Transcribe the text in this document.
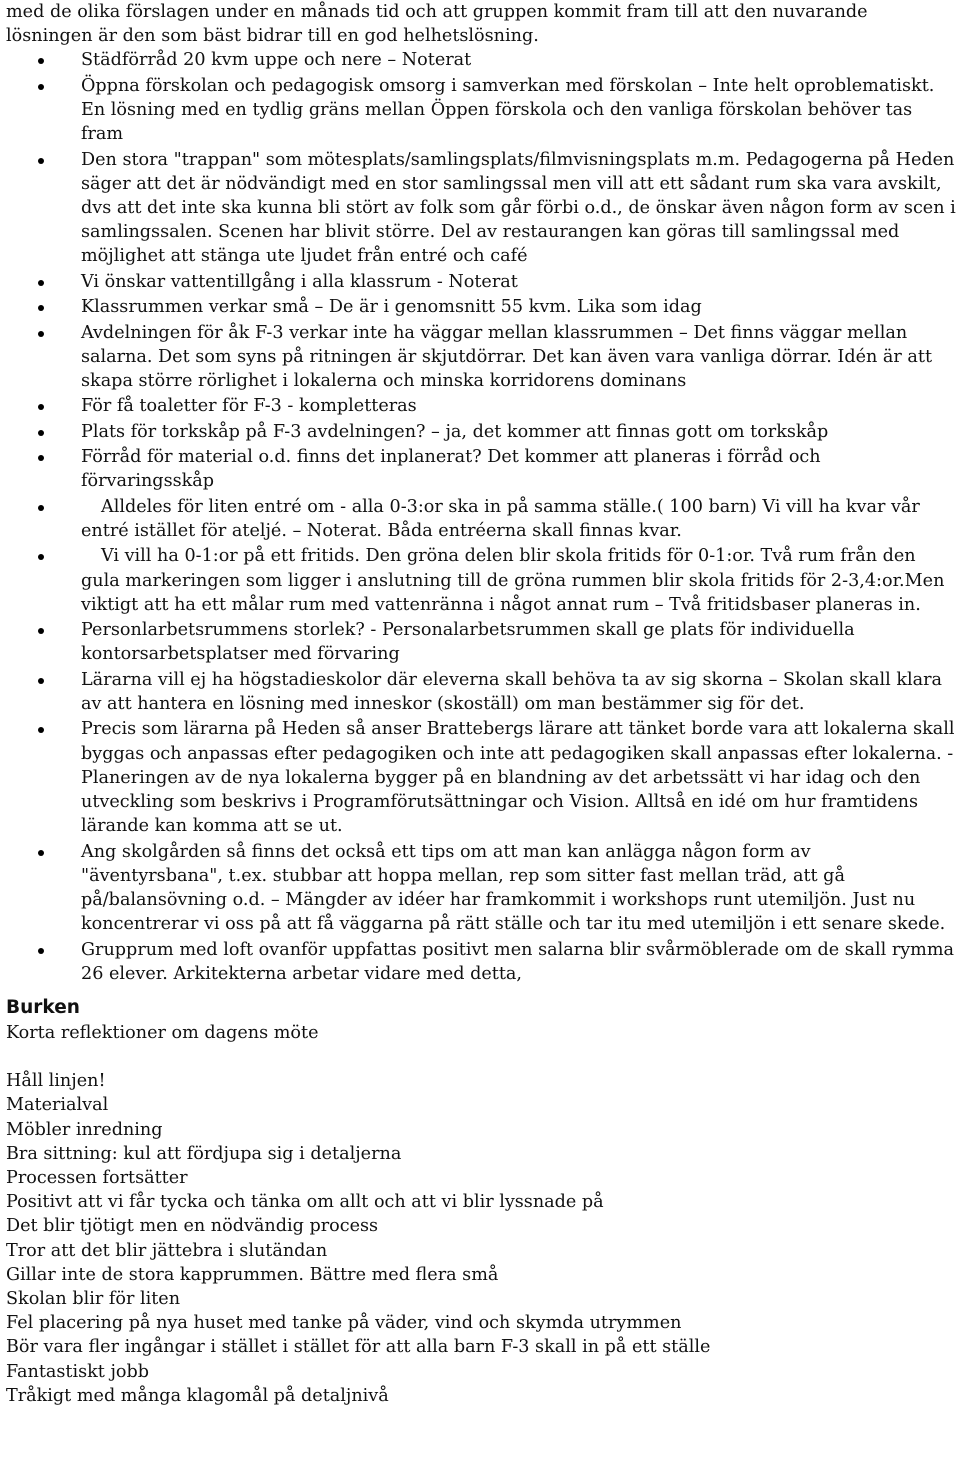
med de olika förslagen under en månads tid och att gruppen kommit fram till att den nuvarande lösningen är den som bäst bidrar till en god helhetslösning.

Städförråd 20 kvm uppe och nere – Noterat
Öppna förskolan och pedagogisk omsorg i samverkan med förskolan – Inte helt oproblematiskt. En lösning med en tydlig gräns mellan Öppen förskola och den vanliga förskolan behöver tas fram
Den stora "trappan" som mötesplats/samlingsplats/filmvisningsplats m.m. Pedagogerna på Heden säger att det är nödvändigt med en stor samlingssal men vill att ett sådant rum ska vara avskilt, dvs att det inte ska kunna bli stört av folk som går förbi o.d., de önskar även någon form av scen i samlingssalen. Scenen har blivit större. Del av restaurangen kan göras till samlingssal med möjlighet att stänga ute ljudet från entré och café
Vi önskar vattentillgång i alla klassrum - Noterat
Klassrummen verkar små – De är i genomsnitt 55 kvm. Lika som idag
Avdelningen för åk F-3 verkar inte ha väggar mellan klassrummen – Det finns väggar mellan salarna. Det som syns på ritningen är skjutdörrar. Det kan även vara vanliga dörrar. Idén är att skapa större rörlighet i lokalerna och minska korridorens dominans
För få toaletter för F-3 - kompletteras
Plats för torkskåp på F-3 avdelningen? – ja, det kommer att finnas gott om torkskåp
Förråd för material o.d. finns det inplanerat? Det kommer att planeras i förråd och förvaringsskåp
Alldeles för liten entré om - alla 0-3:or ska in på samma ställe.( 100 barn) Vi vill ha kvar vår entré istället för ateljé. – Noterat. Båda entréerna skall finnas kvar.
Vi vill ha 0-1:or på ett fritids. Den gröna delen blir skola fritids för 0-1:or. Två rum från den gula markeringen som ligger i anslutning till de gröna rummen blir skola fritids för 2-3,4:or.Men viktigt att ha ett målar rum med vattenränna i något annat rum – Två fritidsbaser planeras in.
Personlarbetsrummens storlek? - Personalarbetsrummen skall ge plats för individuella kontorsarbetsplatser med förvaring
Lärarna vill ej ha högstadieskolor där eleverna skall behöva ta av sig skorna – Skolan skall klara av att hantera en lösning med inneskor (skoställ) om man bestämmer sig för det.
Precis som lärarna på Heden så anser Brattebergs lärare att tänket borde vara att lokalerna skall byggas och anpassas efter pedagogiken och inte att pedagogiken skall anpassas efter lokalerna. - Planeringen av de nya lokalerna bygger på en blandning av det arbetssätt vi har idag och den utveckling som beskrivs i Programförutsättningar och Vision. Alltså en idé om hur framtidens lärande kan komma att se ut.
Ang skolgården så finns det också ett tips om att man kan anlägga någon form av "äventyrsbana", t.ex. stubbar att hoppa mellan, rep som sitter fast mellan träd, att gå på/balansövning o.d. – Mängder av idéer har framkommit i workshops runt utemiljön. Just nu koncentrerar vi oss på att få väggarna på rätt ställe och tar itu med utemiljön i ett senare skede.
Grupprum med loft ovanför uppfattas positivt men salarna blir svårmöblerade om de skall rymma 26 elever. Arkitekterna arbetar vidare med detta,
Burken

Korta reflektioner om dagens möte

Håll linjen!

Materialval

Möbler inredning

Bra sittning: kul att fördjupa sig i detaljerna

Processen fortsätter

Positivt att vi får tycka och tänka om allt och att vi blir lyssnade på

Det blir tjötigt men en nödvändig process

Tror att det blir jättebra i slutändan

Gillar inte de stora kapprummen. Bättre med flera små

Skolan blir för liten

Fel placering på nya huset med tanke på väder, vind och skymda utrymmen

Bör vara fler ingångar i stället i stället för att alla barn F-3 skall in på ett ställe

Fantastiskt jobb

Tråkigt med många klagomål på detaljnivå
